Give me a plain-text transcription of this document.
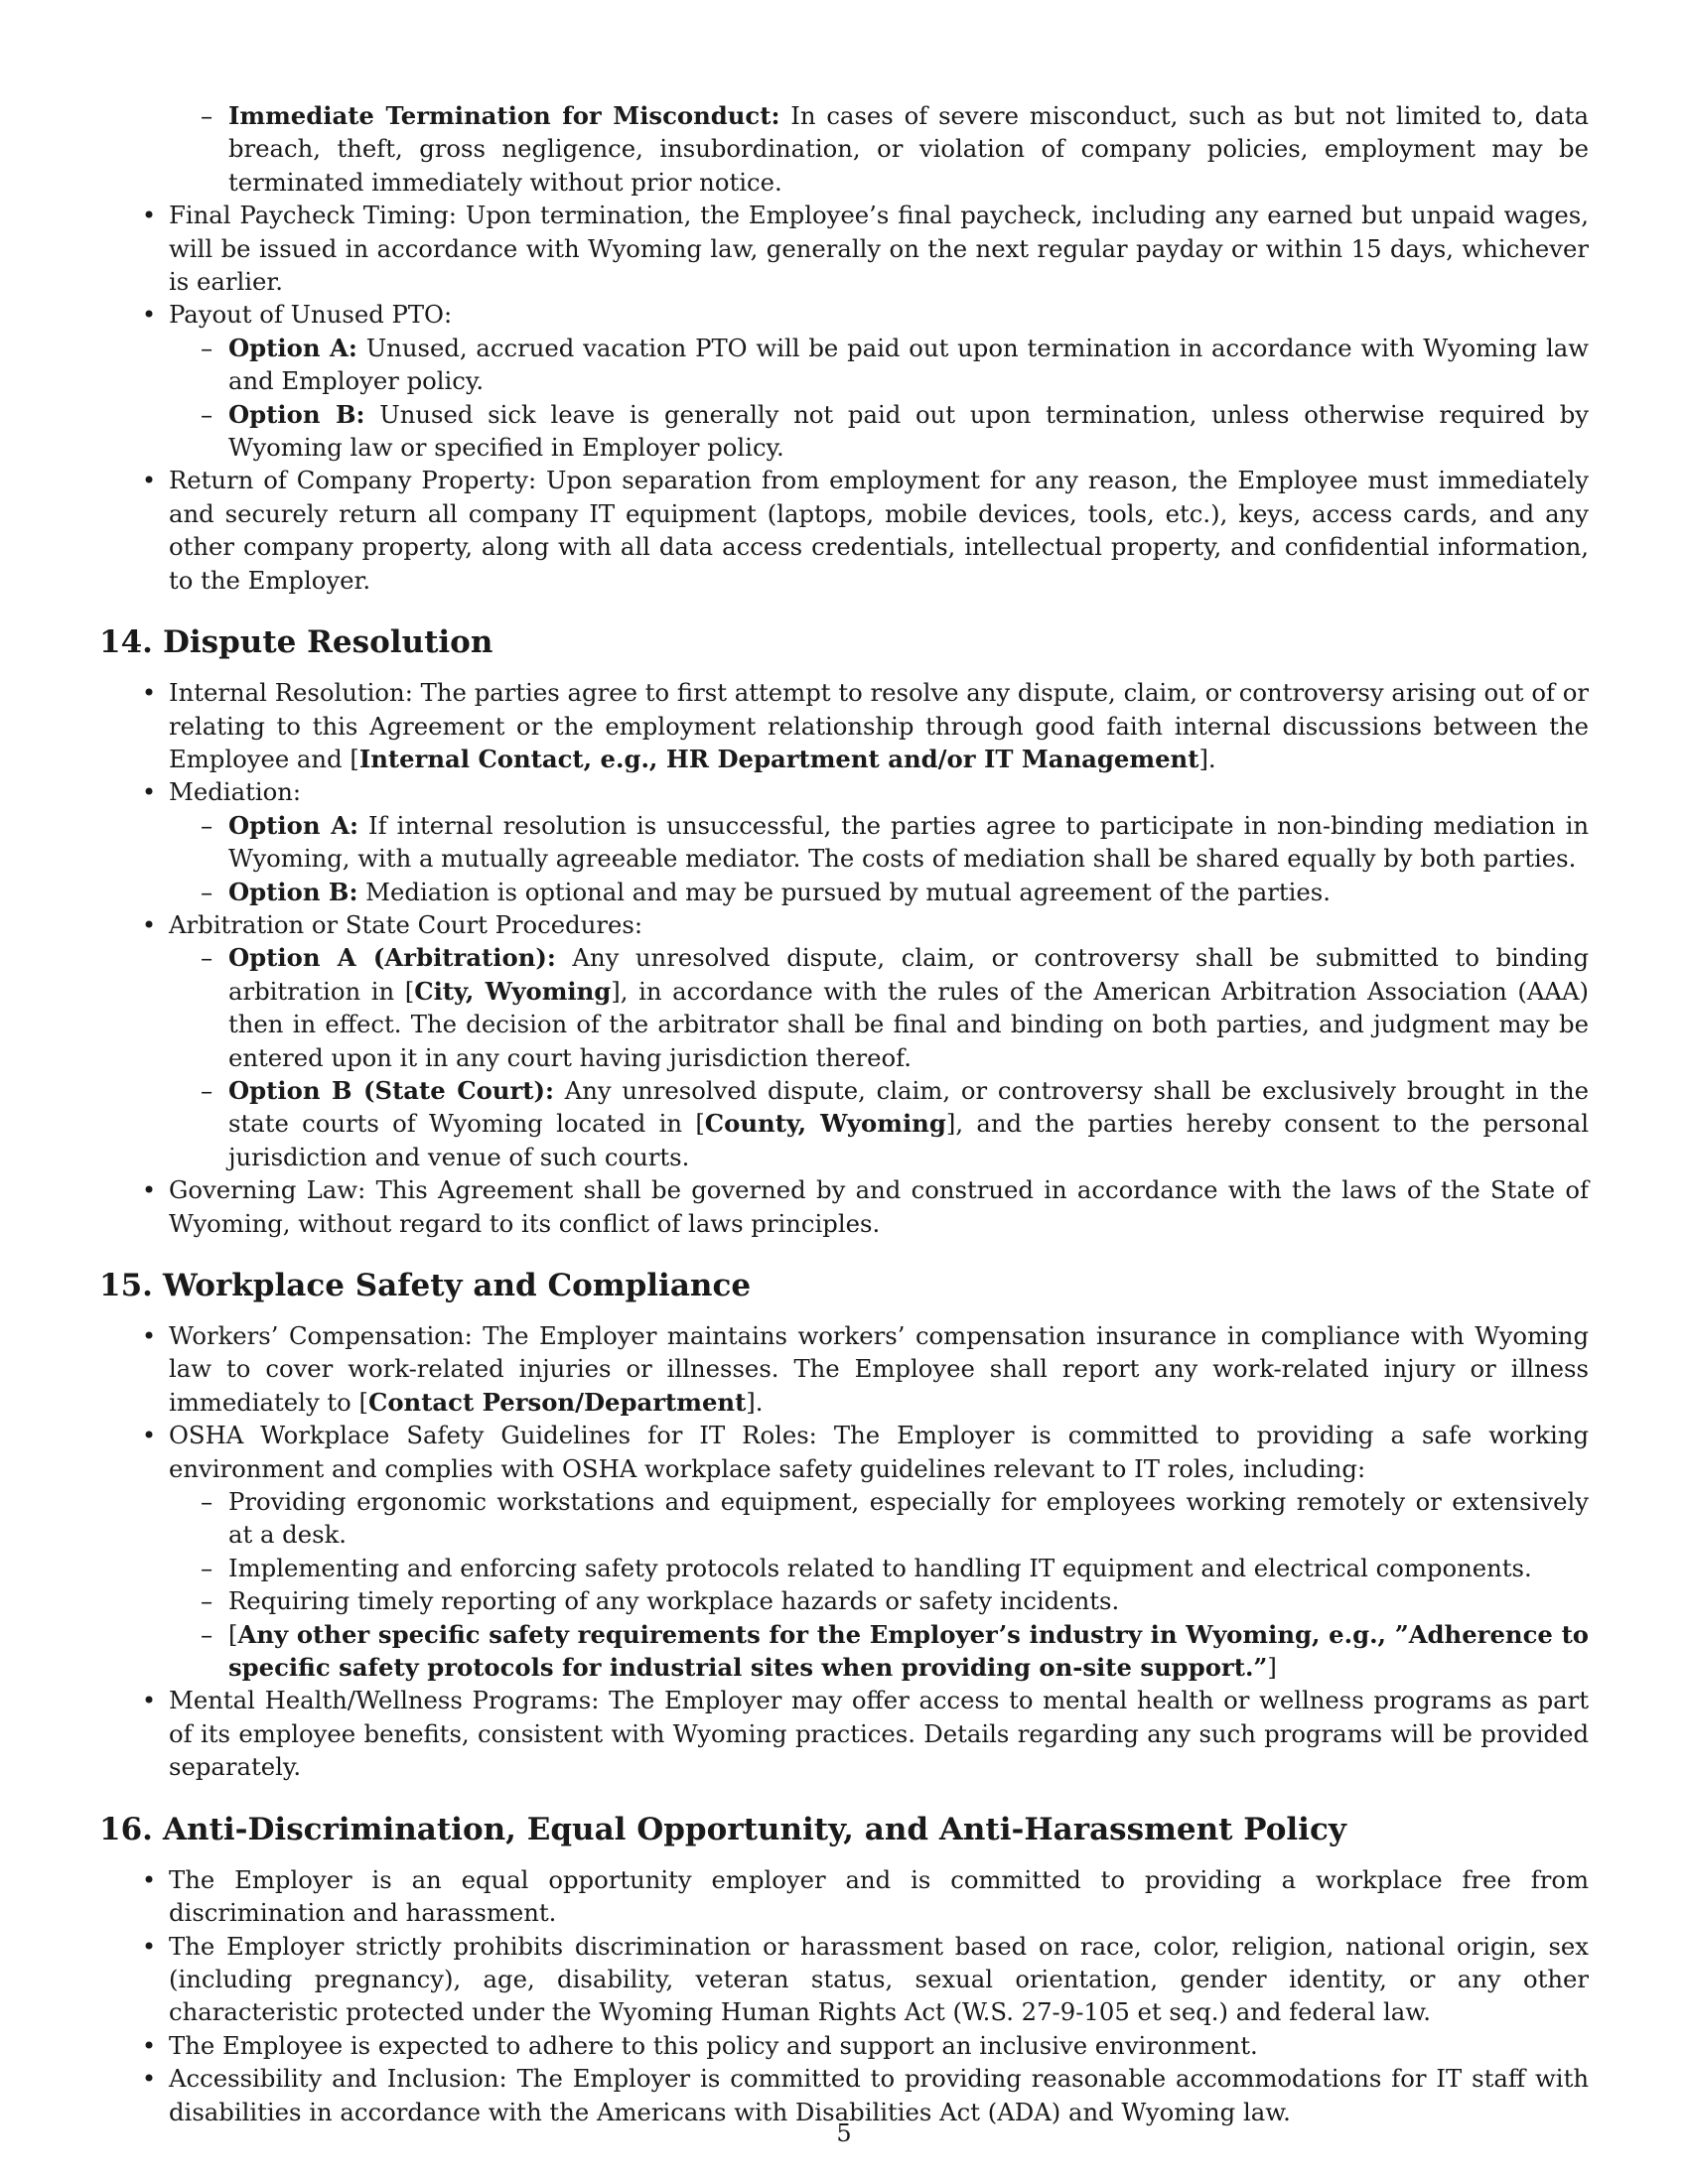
– Immediate Termination for Misconduct: In cases of severe misconduct, such as but not limited to, data breach, theft, gross negligence, insubordination, or violation of company policies, employment may be terminated immediately without prior notice.
• Final Paycheck Timing: Upon termination, the Employee’s final paycheck, including any earned but unpaid wages, will be issued in accordance with Wyoming law, generally on the next regular payday or within 15 days, whichever is earlier.
• Payout of Unused PTO:
– Option A: Unused, accrued vacation PTO will be paid out upon termination in accordance with Wyoming law and Employer policy.
– Option B: Unused sick leave is generally not paid out upon termination, unless otherwise required by Wyoming law or specified in Employer policy.
• Return of Company Property: Upon separation from employment for any reason, the Employee must immediately and securely return all company IT equipment (laptops, mobile devices, tools, etc.), keys, access cards, and any other company property, along with all data access credentials, intellectual property, and confidential information, to the Employer.
14. Dispute Resolution
• Internal Resolution: The parties agree to first attempt to resolve any dispute, claim, or controversy arising out of or relating to this Agreement or the employment relationship through good faith internal discussions between the Employee and [Internal Contact, e.g., HR Department and/or IT Management].
• Mediation:
– Option A: If internal resolution is unsuccessful, the parties agree to participate in non-binding mediation in Wyoming, with a mutually agreeable mediator. The costs of mediation shall be shared equally by both parties.
– Option B: Mediation is optional and may be pursued by mutual agreement of the parties.
• Arbitration or State Court Procedures:
– Option A (Arbitration): Any unresolved dispute, claim, or controversy shall be submitted to binding arbitration in [City, Wyoming], in accordance with the rules of the American Arbitration Association (AAA) then in effect. The decision of the arbitrator shall be final and binding on both parties, and judgment may be entered upon it in any court having jurisdiction thereof.
– Option B (State Court): Any unresolved dispute, claim, or controversy shall be exclusively brought in the state courts of Wyoming located in [County, Wyoming], and the parties hereby consent to the personal jurisdiction and venue of such courts.
• Governing Law: This Agreement shall be governed by and construed in accordance with the laws of the State of Wyoming, without regard to its conflict of laws principles.
15. Workplace Safety and Compliance
• Workers’ Compensation: The Employer maintains workers’ compensation insurance in compliance with Wyoming law to cover work-related injuries or illnesses. The Employee shall report any work-related injury or illness immediately to [Contact Person/Department].
• OSHA Workplace Safety Guidelines for IT Roles: The Employer is committed to providing a safe working environment and complies with OSHA workplace safety guidelines relevant to IT roles, including:
– Providing ergonomic workstations and equipment, especially for employees working remotely or extensively at a desk.
– Implementing and enforcing safety protocols related to handling IT equipment and electrical components.
– Requiring timely reporting of any workplace hazards or safety incidents.
– [Any other specific safety requirements for the Employer’s industry in Wyoming, e.g., ”Adherence to specific safety protocols for industrial sites when providing on-site support.”]
• Mental Health/Wellness Programs: The Employer may offer access to mental health or wellness programs as part of its employee benefits, consistent with Wyoming practices. Details regarding any such programs will be provided separately.
16. Anti-Discrimination, Equal Opportunity, and Anti-Harassment Policy
• The Employer is an equal opportunity employer and is committed to providing a workplace free from discrimination and harassment.
• The Employer strictly prohibits discrimination or harassment based on race, color, religion, national origin, sex (including pregnancy), age, disability, veteran status, sexual orientation, gender identity, or any other characteristic protected under the Wyoming Human Rights Act (W.S. 27-9-105 et seq.) and federal law.
• The Employee is expected to adhere to this policy and support an inclusive environment.
• Accessibility and Inclusion: The Employer is committed to providing reasonable accommodations for IT staff with disabilities in accordance with the Americans with Disabilities Act (ADA) and Wyoming law.
5
